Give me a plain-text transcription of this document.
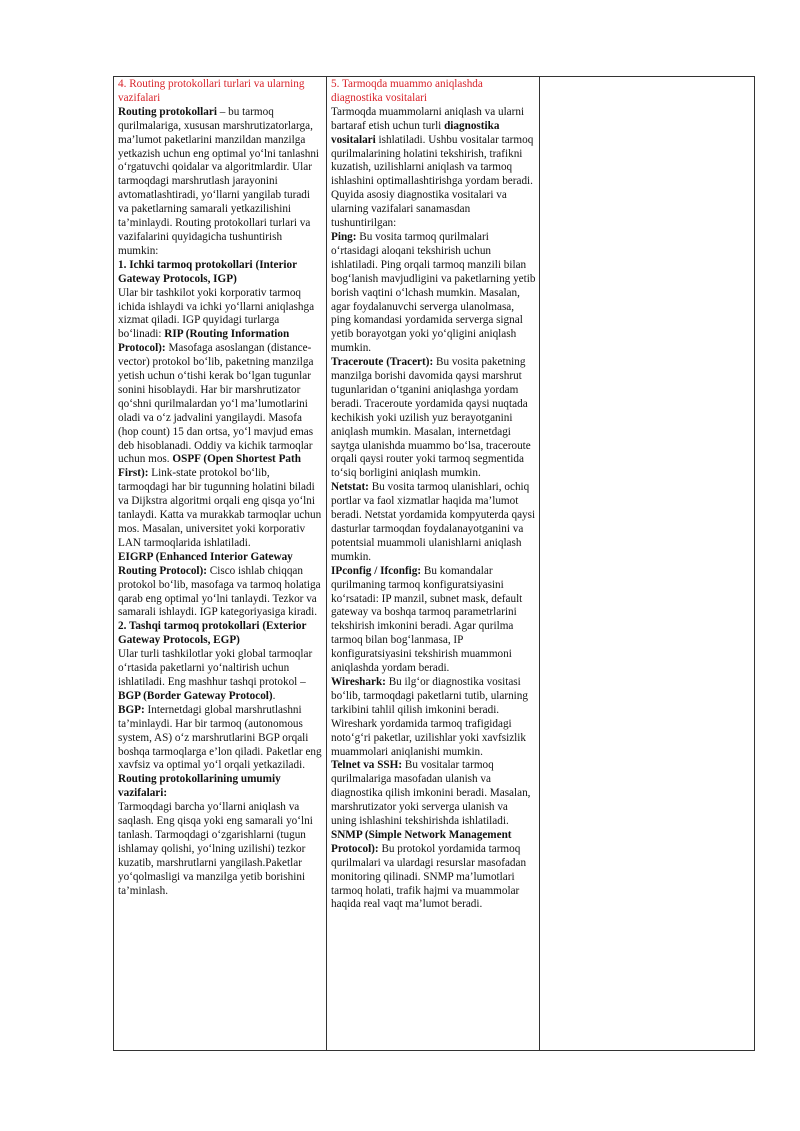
4. Routing protokollari turlari va ularning vazifalari
Routing protokollari – bu tarmoq qurilmalariga, xususan marshrutizatorlarga, ma’lumot paketlarini manzildan manzilga yetkazish uchun eng optimal yo‘lni tanlashni o‘rgatuvchi qoidalar va algoritmlardir. Ular tarmoqdagi marshrutlash jarayonini avtomatlashtiradi, yo‘llarni yangilab turadi va paketlarning samarali yetkazilishini ta’minlaydi. Routing protokollari turlari va vazifalarini quyidagicha tushuntirish mumkin:
1. Ichki tarmoq protokollari (Interior Gateway Protocols, IGP)
Ular bir tashkilot yoki korporativ tarmoq ichida ishlaydi va ichki yo‘llarni aniqlashga xizmat qiladi. IGP quyidagi turlarga bo‘linadi: RIP (Routing Information Protocol): Masofaga asoslangan (distance-vector) protokol bo‘lib, paketning manzilga yetish uchun o‘tishi kerak bo‘lgan tugunlar sonini hisoblaydi. Har bir marshrutizator qo‘shni qurilmalardan yo‘l ma’lumotlarini oladi va o‘z jadvalini yangilaydi. Masofa (hop count) 15 dan ortsa, yo‘l mavjud emas deb hisoblanadi. Oddiy va kichik tarmoqlar uchun mos. OSPF (Open Shortest Path First): Link-state protokol bo‘lib, tarmoqdagi har bir tugunning holatini biladi va Dijkstra algoritmi orqali eng qisqa yo‘lni tanlaydi. Katta va murakkab tarmoqlar uchun mos. Masalan, universitet yoki korporativ LAN tarmoqlarida ishlatiladi.
EIGRP (Enhanced Interior Gateway Routing Protocol): Cisco ishlab chiqqan protokol bo‘lib, masofaga va tarmoq holatiga qarab eng optimal yo‘lni tanlaydi. Tezkor va samarali ishlaydi. IGP kategoriyasiga kiradi.
2. Tashqi tarmoq protokollari (Exterior Gateway Protocols, EGP)
Ular turli tashkilotlar yoki global tarmoqlar o‘rtasida paketlarni yo‘naltirish uchun ishlatiladi. Eng mashhur tashqi protokol – BGP (Border Gateway Protocol).
BGP: Internetdagi global marshrutlashni ta’minlaydi. Har bir tarmoq (autonomous system, AS) o‘z marshrutlarini BGP orqali boshqa tarmoqlarga e’lon qiladi. Paketlar eng xavfsiz va optimal yo‘l orqali yetkaziladi.
Routing protokollarining umumiy vazifalari:
Tarmoqdagi barcha yo‘llarni aniqlash va saqlash. Eng qisqa yoki eng samarali yo‘lni tanlash. Tarmoqdagi o‘zgarishlarni (tugun ishlamay qolishi, yo‘lning uzilishi) tezkor kuzatib, marshrutlarni yangilash.Paketlar yo‘qolmasligi va manzilga yetib borishini ta’minlash.

5. Tarmoqda muammo aniqlashda diagnostika vositalari
Tarmoqda muammolarni aniqlash va ularni bartaraf etish uchun turli diagnostika vositalari ishlatiladi. Ushbu vositalar tarmoq qurilmalarining holatini tekshirish, trafikni kuzatish, uzilishlarni aniqlash va tarmoq ishlashini optimallashtirishga yordam beradi. Quyida asosiy diagnostika vositalari va ularning vazifalari sanamasdan tushuntirilgan:
Ping: Bu vosita tarmoq qurilmalari o‘rtasidagi aloqani tekshirish uchun ishlatiladi. Ping orqali tarmoq manzili bilan bog‘lanish mavjudligini va paketlarning yetib borish vaqtini o‘lchash mumkin. Masalan, agar foydalanuvchi serverga ulanolmasa, ping komandasi yordamida serverga signal yetib borayotgan yoki yo‘qligini aniqlash mumkin.
Traceroute (Tracert): Bu vosita paketning manzilga borishi davomida qaysi marshrut tugunlaridan o‘tganini aniqlashga yordam beradi. Traceroute yordamida qaysi nuqtada kechikish yoki uzilish yuz berayotganini aniqlash mumkin. Masalan, internetdagi saytga ulanishda muammo bo‘lsa, traceroute orqali qaysi router yoki tarmoq segmentida to‘siq borligini aniqlash mumkin.
Netstat: Bu vosita tarmoq ulanishlari, ochiq portlar va faol xizmatlar haqida ma’lumot beradi. Netstat yordamida kompyuterda qaysi dasturlar tarmoqdan foydalanayotganini va potentsial muammoli ulanishlarni aniqlash mumkin.
IPconfig / Ifconfig: Bu komandalar qurilmaning tarmoq konfiguratsiyasini ko‘rsatadi: IP manzil, subnet mask, default gateway va boshqa tarmoq parametrlarini tekshirish imkonini beradi. Agar qurilma tarmoq bilan bog‘lanmasa, IP konfiguratsiyasini tekshirish muammoni aniqlashda yordam beradi.
Wireshark: Bu ilg‘or diagnostika vositasi bo‘lib, tarmoqdagi paketlarni tutib, ularning tarkibini tahlil qilish imkonini beradi. Wireshark yordamida tarmoq trafigidagi noto‘g‘ri paketlar, uzilishlar yoki xavfsizlik muammolari aniqlanishi mumkin.
Telnet va SSH: Bu vositalar tarmoq qurilmalariga masofadan ulanish va diagnostika qilish imkonini beradi. Masalan, marshrutizator yoki serverga ulanish va uning ishlashini tekshirishda ishlatiladi.
SNMP (Simple Network Management Protocol): Bu protokol yordamida tarmoq qurilmalari va ulardagi resurslar masofadan monitoring qilinadi. SNMP ma’lumotlari tarmoq holati, trafik hajmi va muammolar haqida real vaqt ma’lumot beradi.
